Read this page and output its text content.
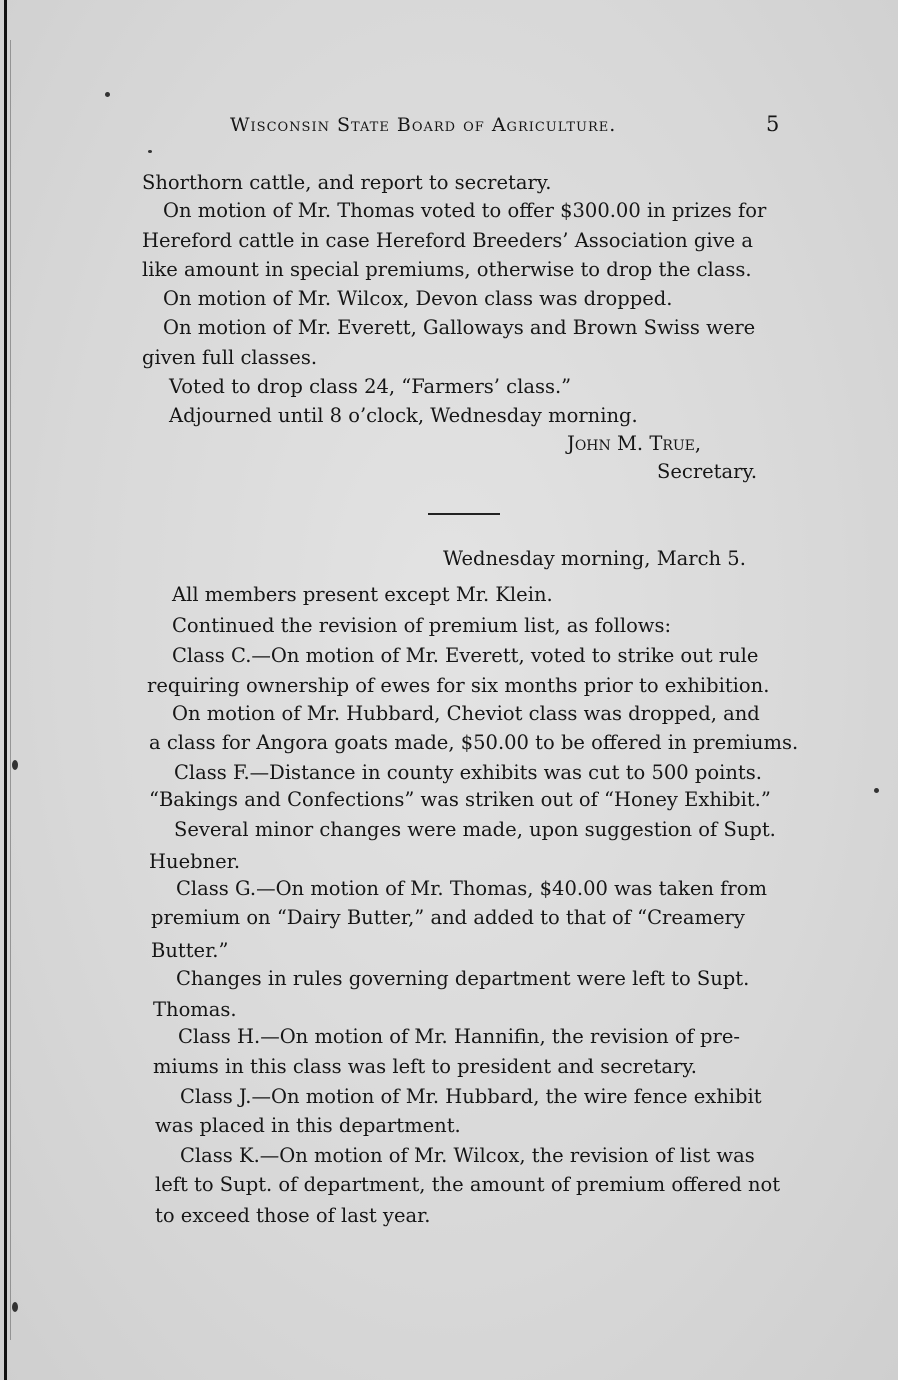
Wisconsin State Board of Agriculture.	5
Shorthorn cattle, and report to secretary.
On motion of Mr. Thomas voted to offer $300.00 in prizes for
Hereford cattle in case Hereford Breeders’ Association give a
like amount in special premiums, otherwise to drop the class.
On motion of Mr. Wilcox, Devon class was dropped.
On motion of Mr. Everett, Galloways and Brown Swiss were
given full classes.
Voted to drop class 24, “Farmers’ class.”
Adjourned until 8 o’clock, Wednesday morning.
John M. True,
Secretary.
Wednesday morning, March 5.
All members present except Mr. Klein.
Continued the revision of premium list, as follows:
Class C.—On motion of Mr. Everett, voted to strike out rule
requiring ownership of ewes for six months prior to exhibition.
On motion of Mr. Hubbard, Cheviot class was dropped, and
a class for Angora goats made, $50.00 to be offered in premiums.
Class F.—Distance in county exhibits was cut to 500 points.
“Bakings and Confections” was striken out of “Honey Exhibit.”
Several minor changes were made, upon suggestion of Supt.
Huebner.
Class G.—On motion of Mr. Thomas, $40.00 was taken from
premium on “Dairy Butter,” and added to that of “Creamery
Butter.”
Changes in rules governing department were left to Supt.
Thomas.
Class H.—On motion of Mr. Hannifin, the revision of pre-
miums in this class was left to president and secretary.
Class J.—On motion of Mr. Hubbard, the wire fence exhibit
was placed in this department.
Class K.—On motion of Mr. Wilcox, the revision of list was
left to Supt. of department, the amount of premium offered not
to exceed those of last year.
